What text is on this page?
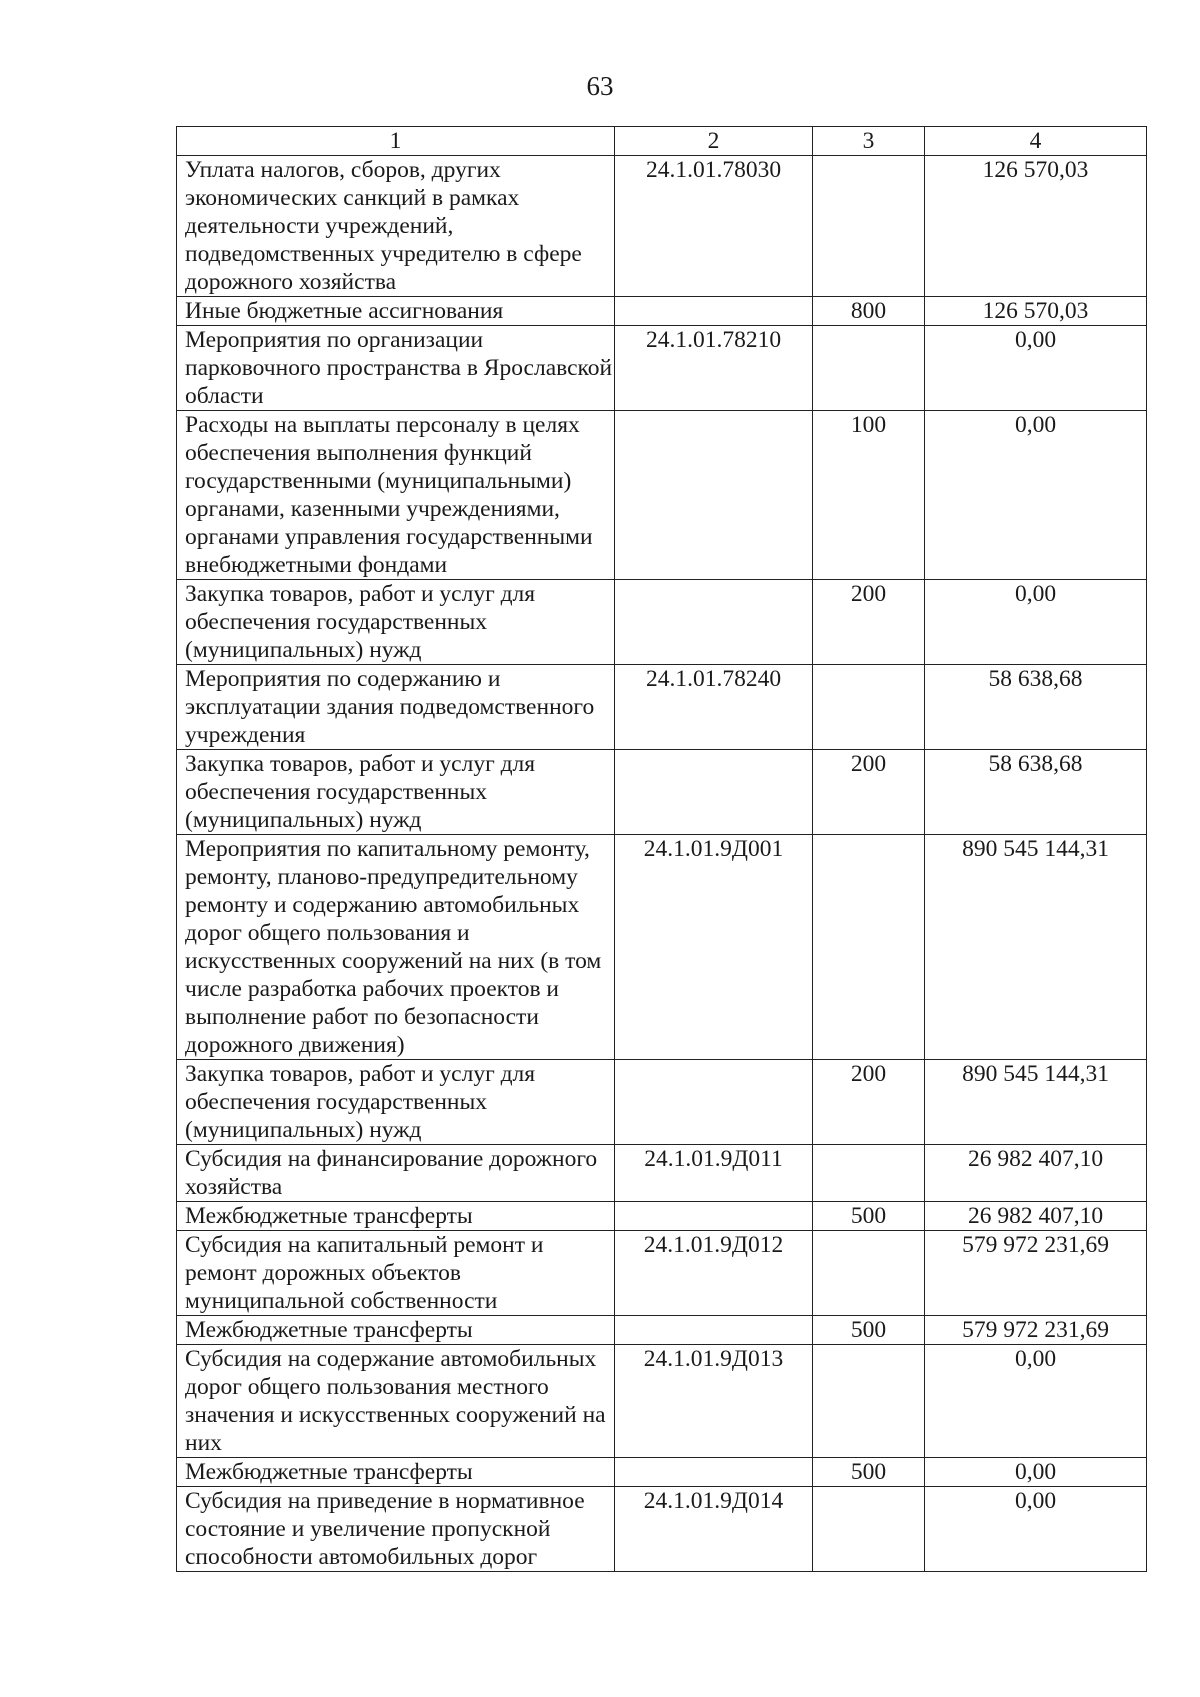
63
1	2	3	4
Уплата налогов, сборов, других экономических санкций в рамках деятельности учреждений, подведомственных учредителю в сфере дорожного хозяйства	24.1.01.78030		126 570,03
Иные бюджетные ассигнования		800	126 570,03
Мероприятия по организации парковочного пространства в Ярославской области	24.1.01.78210		0,00
Расходы на выплаты персоналу в целях обеспечения выполнения функций государственными (муниципальными) органами, казенными учреждениями, органами управления государственными внебюджетными фондами		100	0,00
Закупка товаров, работ и услуг для обеспечения государственных (муниципальных) нужд		200	0,00
Мероприятия по содержанию и эксплуатации здания подведомственного учреждения	24.1.01.78240		58 638,68
Закупка товаров, работ и услуг для обеспечения государственных (муниципальных) нужд		200	58 638,68
Мероприятия по капитальному ремонту, ремонту, планово-предупредительному ремонту и содержанию автомобильных дорог общего пользования и искусственных сооружений на них (в том числе разработка рабочих проектов и выполнение работ по безопасности дорожного движения)	24.1.01.9Д001		890 545 144,31
Закупка товаров, работ и услуг для обеспечения государственных (муниципальных) нужд		200	890 545 144,31
Субсидия на финансирование дорожного хозяйства	24.1.01.9Д011		26 982 407,10
Межбюджетные трансферты		500	26 982 407,10
Субсидия на капитальный ремонт и ремонт дорожных объектов муниципальной собственности	24.1.01.9Д012		579 972 231,69
Межбюджетные трансферты		500	579 972 231,69
Субсидия на содержание автомобильных дорог общего пользования местного значения и искусственных сооружений на них	24.1.01.9Д013		0,00
Межбюджетные трансферты		500	0,00
Субсидия на приведение в нормативное состояние и увеличение пропускной способности автомобильных дорог	24.1.01.9Д014		0,00
